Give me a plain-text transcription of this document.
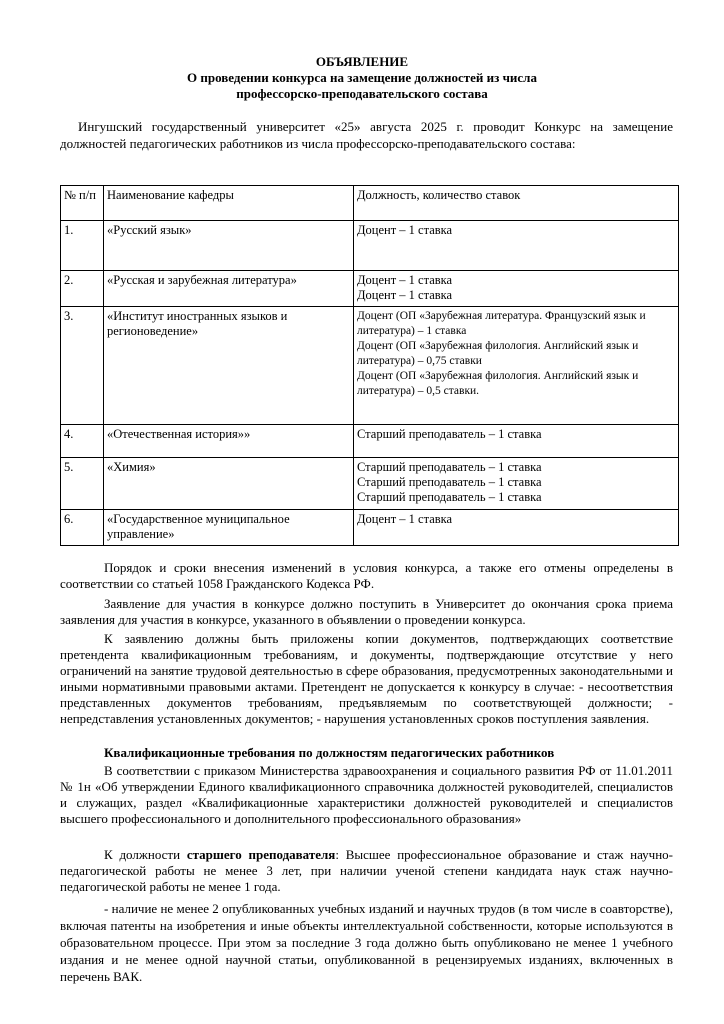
ОБЪЯВЛЕНИЕ
О проведении конкурса на замещение должностей из числа
профессорско-преподавательского состава

Ингушский государственный университет «25» августа 2025 г. проводит Конкурс на замещение должностей педагогических работников из числа профессорско-преподавательского состава:

№ п/п	Наименование кафедры	Должность, количество ставок
1.	«Русский язык»	Доцент – 1 ставка

2.	«Русская и зарубежная литература»	Доцент – 1 ставка
Доцент – 1 ставка

3.	«Институт иностранных языков и регионоведение»	Доцент (ОП «Зарубежная литература. Французский язык и литература) – 1 ставка
Доцент (ОП «Зарубежная филология. Английский язык и литература) – 0,75 ставки
Доцент (ОП «Зарубежная филология. Английский язык и литература) – 0,5 ставки.

4.	«Отечественная история»»	Старший преподаватель – 1 ставка

5.	«Химия»	Старший преподаватель – 1 ставка
Старший преподаватель – 1 ставка
Старший преподаватель – 1 ставка

6.	«Государственное муниципальное управление»	Доцент – 1 ставка

Порядок и сроки внесения изменений в условия конкурса, а также его отмены определены в соответствии со статьей 1058 Гражданского Кодекса РФ.

Заявление для участия в конкурсе должно поступить в Университет до окончания срока приема заявления для участия в конкурсе, указанного в объявлении о проведении конкурса.

К заявлению должны быть приложены копии документов, подтверждающих соответствие претендента квалификационным требованиям, и документы, подтверждающие отсутствие у него ограничений на занятие трудовой деятельностью в сфере образования, предусмотренных законодательными и иными нормативными правовыми актами. Претендент не допускается к конкурсу в случае: - несоответствия представленных документов требованиям, предъявляемым по соответствующей должности; - непредставления установленных документов; - нарушения установленных сроков поступления заявления.

Квалификационные требования по должностям педагогических работников

В соответствии с приказом Министерства здравоохранения и социального развития РФ от 11.01.2011 № 1н «Об утверждении Единого квалификационного справочника должностей руководителей, специалистов и служащих, раздел «Квалификационные характеристики должностей руководителей и специалистов высшего профессионального и дополнительного профессионального образования»

К должности старшего преподавателя: Высшее профессиональное образование и стаж научно-педагогической работы не менее 3 лет, при наличии ученой степени кандидата наук стаж научно-педагогической работы не менее 1 года.

- наличие не менее 2 опубликованных учебных изданий и научных трудов (в том числе в соавторстве), включая патенты на изобретения и иные объекты интеллектуальной собственности, которые используются в образовательном процессе. При этом за последние 3 года должно быть опубликовано не менее 1 учебного издания и не менее одной научной статьи, опубликованной в рецензируемых изданиях, включенных в перечень ВАК.
